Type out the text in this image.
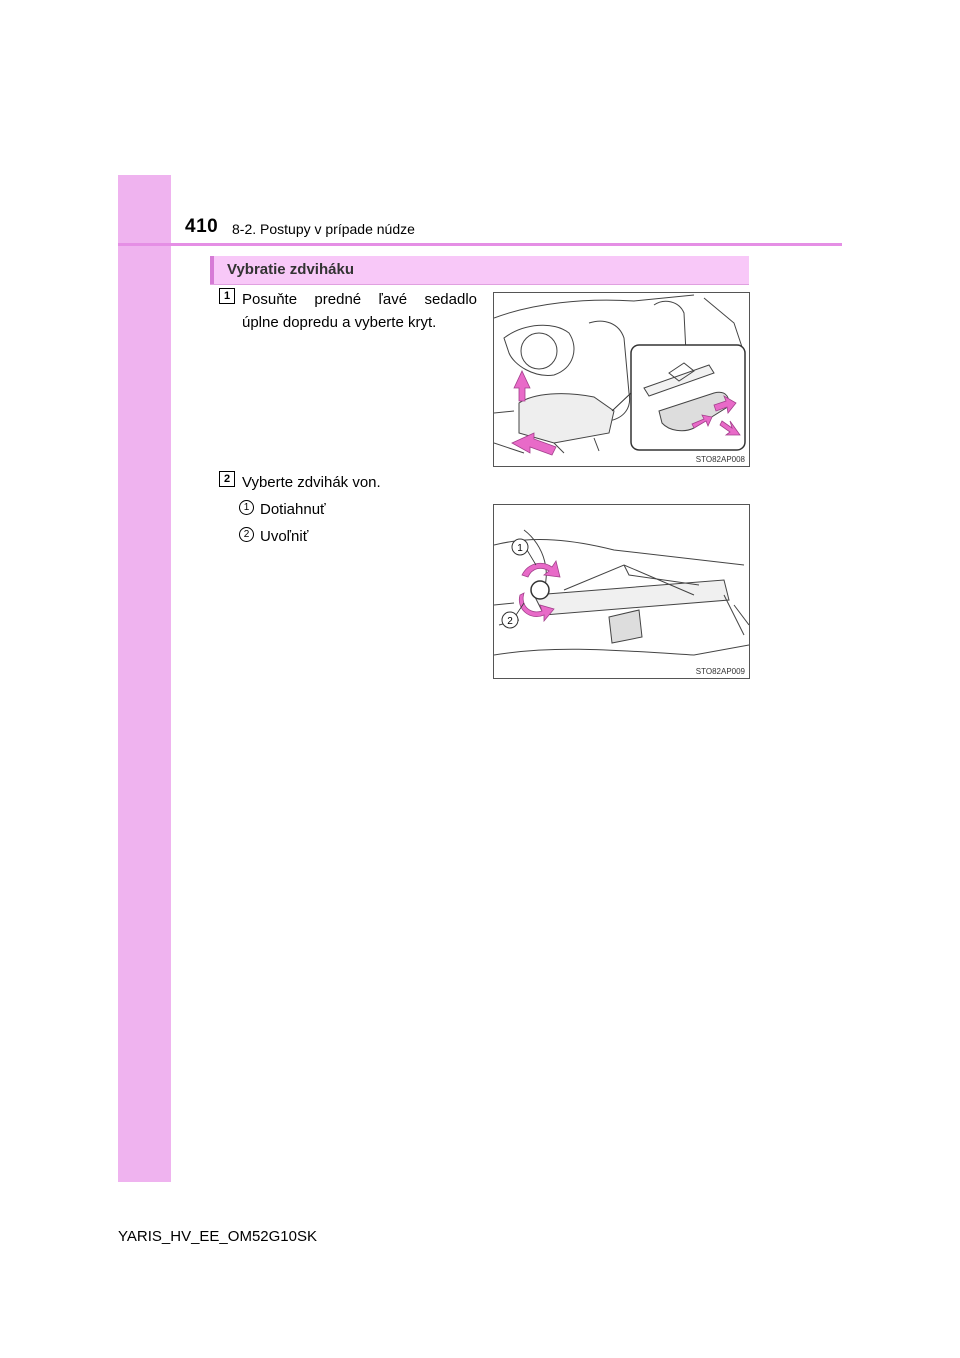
410 8-2. Postupy v prípade núdze
Vybratie zdviháku
1 Posuňte predné ľavé sedadlo úplne dopredu a vyberte kryt.
STO82AP008
2 Vyberte zdvihák von.
1 Dotiahnuť
2 Uvoľniť
1
2
STO82AP009
YARIS_HV_EE_OM52G10SK
